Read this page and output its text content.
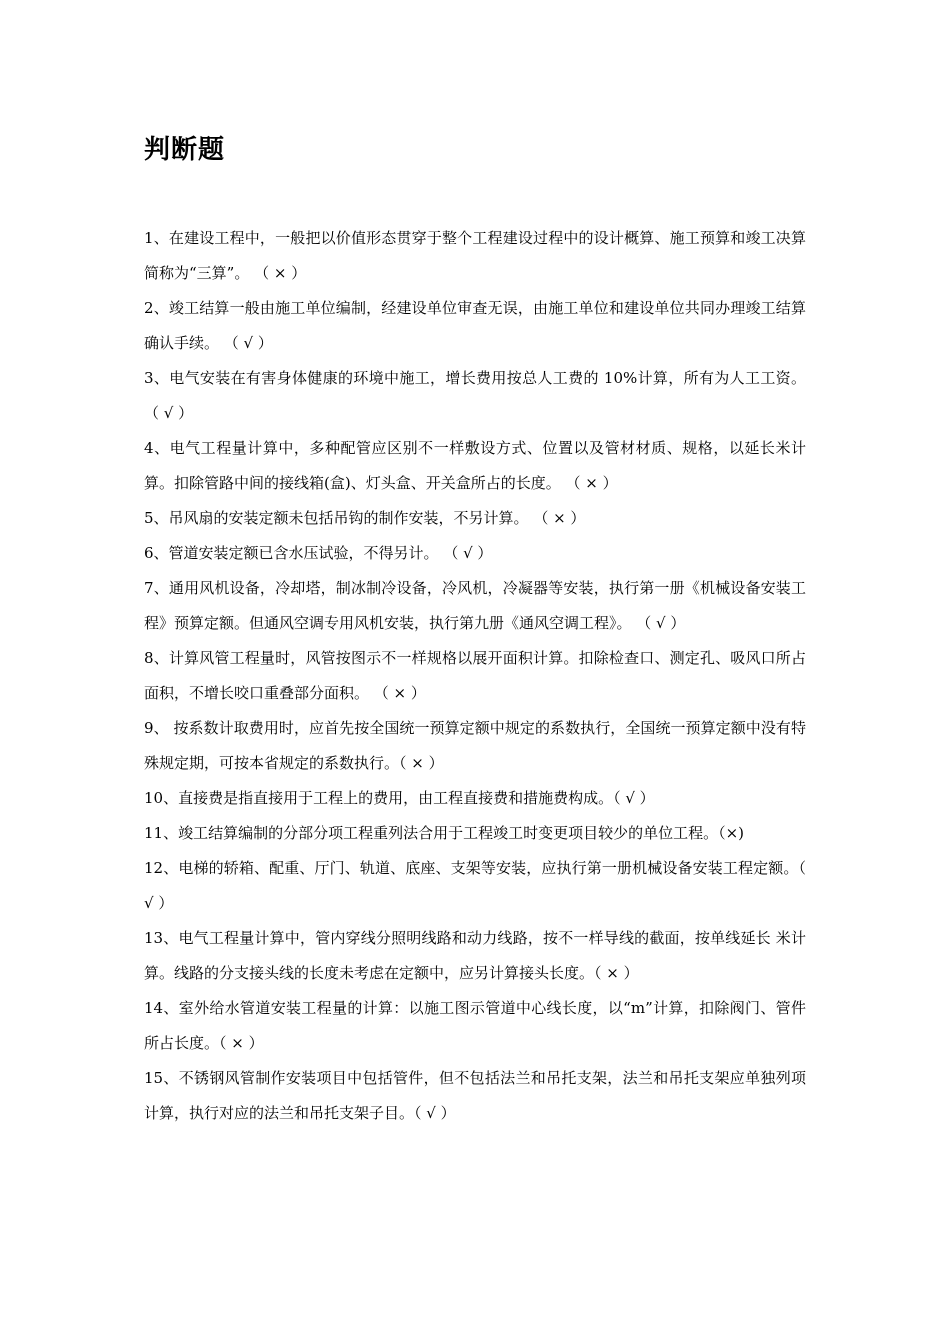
判断题
1、在建设工程中，一般把以价值形态贯穿于整个工程建设过程中的设计概算、施工预算和竣工决算简称为“三算”。 （ × ）
2、竣工结算一般由施工单位编制，经建设单位审查无误，由施工单位和建设单位共同办理竣工结算确认手续。 （ √ ）
3、电气安装在有害身体健康的环境中施工，增长费用按总人工费的 10%计算，所有为人工工资。 （ √ ）
4、电气工程量计算中，多种配管应区别不一样敷设方式、位置以及管材材质、规格，以延长米计算。扣除管路中间的接线箱(盒)、灯头盒、开关盒所占的长度。 （ × ）
5、吊风扇的安装定额未包括吊钩的制作安装，不另计算。 （ × ）
6、管道安装定额已含水压试验，不得另计。 （ √ ）
7、通用风机设备，冷却塔，制冰制冷设备，冷风机，冷凝器等安装，执行第一册《机械设备安装工程》预算定额。但通风空调专用风机安装，执行第九册《通风空调工程》。 （ √ ）
8、计算风管工程量时，风管按图示不一样规格以展开面积计算。扣除检查口、测定孔、吸风口所占面积，不增长咬口重叠部分面积。 （ × ）
9、 按系数计取费用时，应首先按全国统一预算定额中规定的系数执行，全国统一预算定额中没有特殊规定期，可按本省规定的系数执行。（ × ）
10、直接费是指直接用于工程上的费用，由工程直接费和措施费构成。（ √ ）
11、竣工结算编制的分部分项工程重列法合用于工程竣工时变更项目较少的单位工程。（×)
12、电梯的轿箱、配重、厅门、轨道、底座、支架等安装，应执行第一册机械设备安装工程定额。（ √ ）
13、电气工程量计算中，管内穿线分照明线路和动力线路，按不一样导线的截面，按单线延长 米计算。线路的分支接头线的长度未考虑在定额中，应另计算接头长度。（ × ）
14、室外给水管道安装工程量的计算：以施工图示管道中心线长度，以“m”计算，扣除阀门、管件所占长度。（ × ）
15、不锈钢风管制作安装项目中包括管件，但不包括法兰和吊托支架，法兰和吊托支架应单独列项计算，执行对应的法兰和吊托支架子目。（ √ ）
